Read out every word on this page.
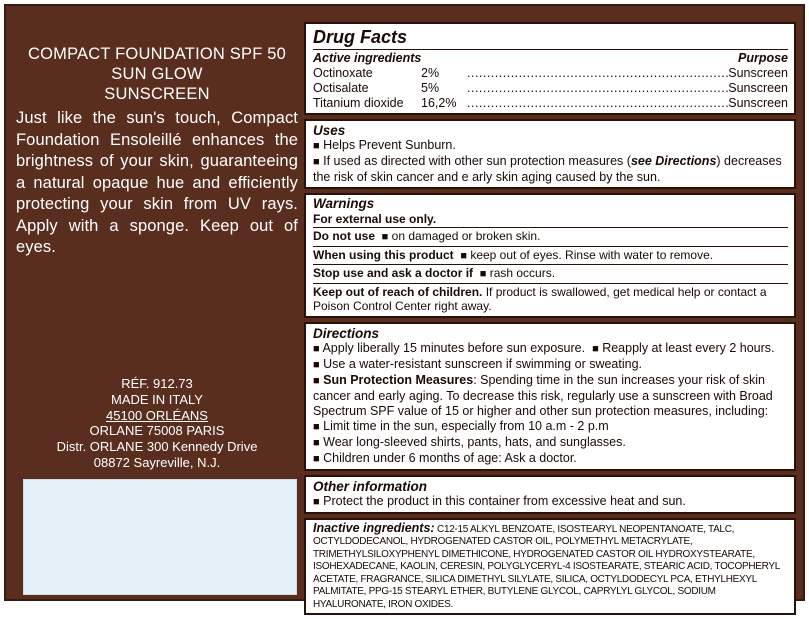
COMPACT FOUNDATION SPF 50
SUN GLOW
SUNSCREEN
Just like the sun's touch, Compact Foundation Ensoleillé enhances the brightness of your skin, guaranteeing a natural opaque hue and efficiently protecting your skin from UV rays. Apply with a sponge. Keep out of eyes.
RÉF. 912.73
MADE IN ITALY
45100 ORLÉANS
ORLANE 75008 PARIS
Distr. ORLANE 300 Kennedy Drive
08872 Sayreville, N.J.
Drug Facts
Active ingredients	Purpose
Octinoxate	2% .....	Sunscreen
Octisalate	5% .....	Sunscreen
Titanium dioxide	16,2% .....	Sunscreen
Uses
■ Helps Prevent Sunburn.
■ If used as directed with other sun protection measures (see Directions) decreases the risk of skin cancer and e arly skin aging caused by the sun.
Warnings
For external use only.
Do not use ■ on damaged or broken skin.
When using this product ■ keep out of eyes. Rinse with water to remove.
Stop use and ask a doctor if ■ rash occurs.
Keep out of reach of children. If product is swallowed, get medical help or contact a Poison Control Center right away.
Directions
■ Apply liberally 15 minutes before sun exposure. ■ Reapply at least every 2 hours.
■ Use a water-resistant sunscreen if swimming or sweating.
■ Sun Protection Measures: Spending time in the sun increases your risk of skin cancer and early aging. To decrease this risk, regularly use a sunscreen with Broad Spectrum SPF value of 15 or higher and other sun protection measures, including:
■ Limit time in the sun, especially from 10 a.m - 2 p.m
■ Wear long-sleeved shirts, pants, hats, and sunglasses.
■ Children under 6 months of age: Ask a doctor.
Other information
■ Protect the product in this container from excessive heat and sun.
Inactive ingredients: C12-15 ALKYL BENZOATE, ISOSTEARYL NEOPENTANOATE, TALC, OCTYLDODECANOL, HYDROGENATED CASTOR OIL, POLYMETHYL METACRYLATE, TRIMETHYLSILOXYPHENYL DIMETHICONE, HYDROGENATED CASTOR OIL HYDROXYSTEARATE, ISOHEXADECANE, KAOLIN, CERESIN, POLYGLYCERYL-4 ISOSTEARATE, STEARIC ACID, TOCOPHERYL ACETATE, FRAGRANCE, SILICA DIMETHYL SILYLATE, SILICA, OCTYLDODECYL PCA, ETHYLHEXYL PALMITATE, PPG-15 STEARYL ETHER, BUTYLENE GLYCOL, CAPRYLYL GLYCOL, SODIUM HYALURONATE, IRON OXIDES.
